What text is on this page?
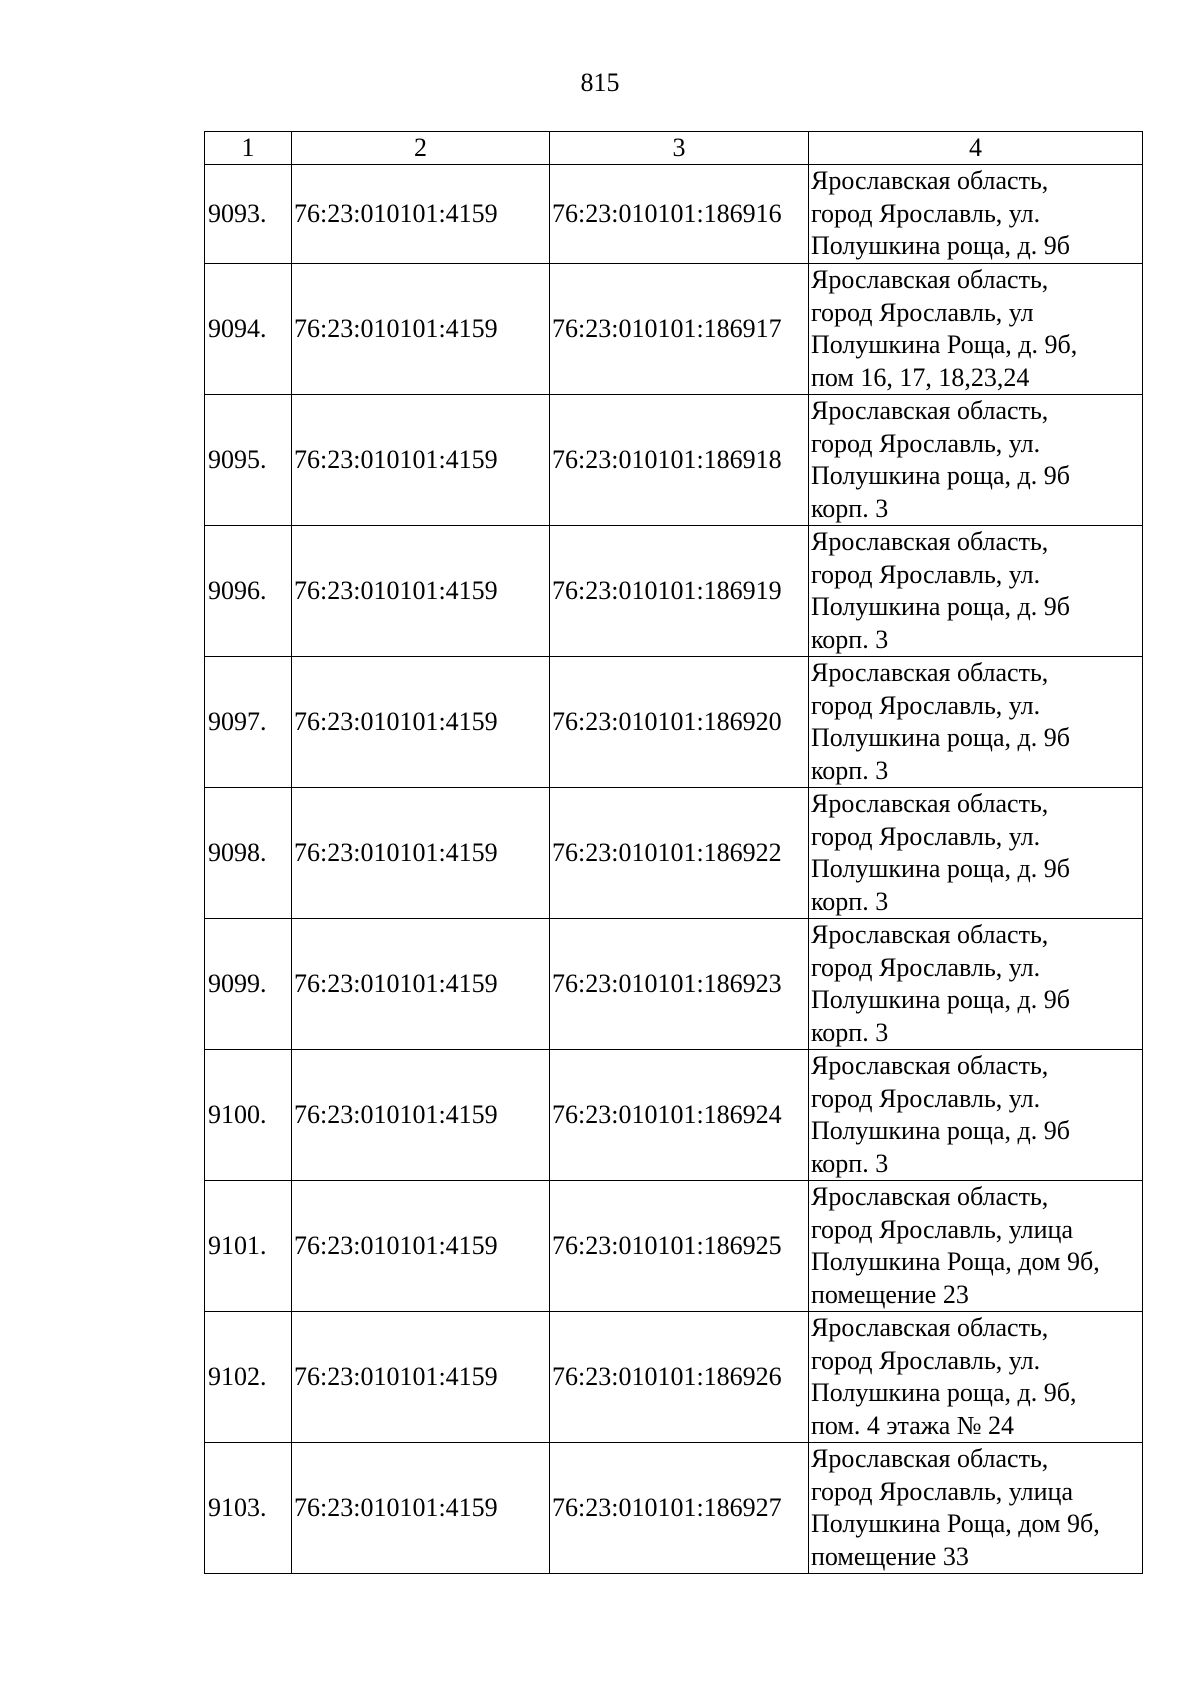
815
1	2	3	4
9093.	76:23:010101:4159	76:23:010101:186916	Ярославская область,
город Ярославль, ул.
Полушкина роща, д. 9б

9094.	76:23:010101:4159	76:23:010101:186917	Ярославская область,
город Ярославль, ул
Полушкина Роща, д. 9б,
пом 16, 17, 18,23,24

9095.	76:23:010101:4159	76:23:010101:186918	Ярославская область,
город Ярославль, ул.
Полушкина роща, д. 9б
корп. 3

9096.	76:23:010101:4159	76:23:010101:186919	Ярославская область,
город Ярославль, ул.
Полушкина роща, д. 9б
корп. 3

9097.	76:23:010101:4159	76:23:010101:186920	Ярославская область,
город Ярославль, ул.
Полушкина роща, д. 9б
корп. 3

9098.	76:23:010101:4159	76:23:010101:186922	Ярославская область,
город Ярославль, ул.
Полушкина роща, д. 9б
корп. 3

9099.	76:23:010101:4159	76:23:010101:186923	Ярославская область,
город Ярославль, ул.
Полушкина роща, д. 9б
корп. 3

9100.	76:23:010101:4159	76:23:010101:186924	Ярославская область,
город Ярославль, ул.
Полушкина роща, д. 9б
корп. 3

9101.	76:23:010101:4159	76:23:010101:186925	Ярославская область,
город Ярославль, улица
Полушкина Роща, дом 9б,
помещение 23

9102.	76:23:010101:4159	76:23:010101:186926	Ярославская область,
город Ярославль, ул.
Полушкина роща, д. 9б,
пом. 4 этажа № 24

9103.	76:23:010101:4159	76:23:010101:186927	Ярославская область,
город Ярославль, улица
Полушкина Роща, дом 9б,
помещение 33
